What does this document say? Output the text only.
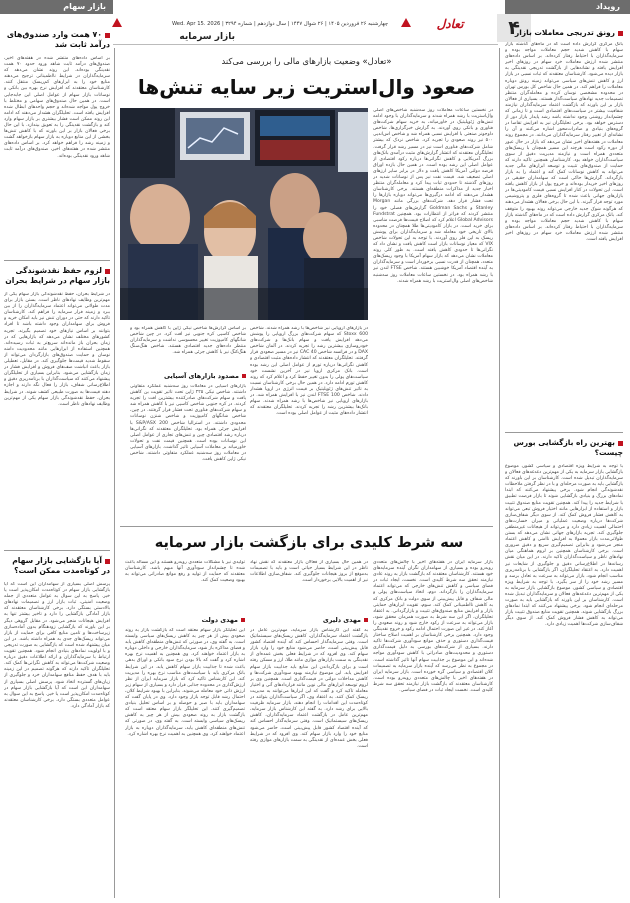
بازار سهام	رویداد
۴
تعادل
چهارشنبه ۲۶ فروردین ۱۴۰۵ | ۲۶ شوال ۱۴۴۷ | سال دوازدهم | شماره ۳۲۹۴ | Wed. Apr 15. 2026
بازار سرمایه	رونق تدریجی معاملات بازار
بانک مرکزی گزارش داده است که در ماه‌های گذشته بازار سهام با کاهش شدید حجم معاملات مواجه بوده و سرمایه‌گذاران با احتیاط رفتار کرده‌اند. بر اساس داده‌های منتشر شده ارزش معاملات خرد سهام در روزهای اخیر افزایش یافته و نشانه‌هایی از بازگشت تدریجی نقدینگی به بازار دیده می‌شود. کارشناسان معتقدند که ثبات نسبی در بازار ارز و کاهش تنش‌های سیاسی می‌تواند زمینه رونق دوباره معاملات را فراهم کند. در همین حال شاخص کل بورس تهران در محدوده مشخصی نوسان کرده و معامله‌گران منتظر تصمیمات جدید نهادهای سیاست‌گذار هستند. بسیاری از فعالان بازار بر این باورند که بازگشت اعتماد سرمایه‌گذاران نیازمند شفافیت بیشتر در سیاست‌های اقتصادی است و تا زمانی که چشم‌انداز روشنی وجود نداشته باشد رشد پایدار بازار دور از دسترس خواهد بود. برخی تحلیلگران نیز به افزایش تقاضا در گروه‌های بنیادی و صادرات‌محور اشاره می‌کنند و آن را نشانه‌ای از تغییر رفتار سرمایه‌گذاران می‌دانند. در مجموع روند معاملات در هفته‌های اخیر نشان می‌دهد که بازار در حال عبور از دوره رکود است هرچند این مسیر همچنان با ریسک‌های متعددی همراه است و نیازمند مدیریت دقیق از سوی سیاست‌گذاران خواهد بود. کارشناسان همچنین تاکید دارند که حمایت از صندوق‌های تثبیت و توسعه ابزارهای مالی جدید می‌تواند به کاهش نوسانات کمک کند و اعتماد را به بازار بازگرداند. گزارش‌ها حاکی است که سهامداران حقیقی در روزهای اخیر خریدار بوده‌اند و خروج پول از بازار کاهش یافته است. این تحولات در کنار افزایش نسبی قیمت کامودیتی‌ها در بازارهای جهانی باعث شده تا گروه‌های فلزی و پتروشیمی مورد توجه قرار گیرند. با این حال برخی فعالان هشدار می‌دهند که هرگونه شوک جدید خارجی می‌تواند روند بهبود را متوقف کند. بانک مرکزی گزارش داده است که در ماه‌های گذشته بازار سهام با کاهش شدید حجم معاملات مواجه بوده و سرمایه‌گذاران با احتیاط رفتار کرده‌اند. بر اساس داده‌های منتشر شده ارزش معاملات خرد سهام در روزهای اخیر افزایش یافته است.
بهترین راه بازگشایی بورس چیست؟
با توجه به شرایط ویژه اقتصادی و سیاسی کشور، موضوع بازگشایی بازار سرمایه به یکی از مهم‌ترین دغدغه‌های فعالان و سرمایه‌گذاران تبدیل شده است. کارشناسان بر این باورند که بازگشایی باید به صورت مرحله‌ای و با در نظر گرفتن ملاحظات نقدشوندگی انجام شود. برخی پیشنهاد می‌کنند که ابتدا نمادهای بزرگ و بنیادی بازگشایی شوند تا بازار فرصت تطبیق با شرایط جدید را پیدا کند. همچنین تقویت منابع صندوق تثبیت بازار و استفاده از ابزارهایی مانند اختیار فروش تبعی می‌تواند به کاهش فشار فروش کمک کند. از سوی دیگر شفاف‌سازی شرکت‌ها درباره وضعیت عملیاتی و میزان خسارت‌های احتمالی اهمیت زیادی دارد و می‌تواند از هیجانات غیرمنطقی جلوگیری کند. تجربه بازارهای جهانی نشان می‌دهد که بستن طولانی‌مدت بازار معمولا به افزایش ناامنی و کاهش اعتماد منجر می‌شود و بنابراین تصمیم‌گیری سریع و دقیق ضروری است. برخی کارشناسان همچنین بر لزوم هماهنگی میان نهادهای ناظر و سیاست‌گذاران تاکید دارند. در این میان نقش رسانه‌ها در اطلاع‌رسانی دقیق و جلوگیری از شایعات نیز اهمیت دارد. به اعتقاد تحلیلگران، اگر بازگشایی با برنامه‌ریزی مناسب انجام شود، بازار می‌تواند به سرعت به تعادل برسد و مسیر رشد خود را از سر بگیرد. با توجه به شرایط ویژه اقتصادی و سیاسی کشور، موضوع بازگشایی بازار سرمایه به یکی از مهم‌ترین دغدغه‌های فعالان و سرمایه‌گذاران تبدیل شده است. کارشناسان بر این باورند که بازگشایی باید به صورت مرحله‌ای انجام شود. برخی پیشنهاد می‌کنند که ابتدا نمادهای بزرگ بازگشایی شوند. همچنین تقویت منابع صندوق تثبیت بازار می‌تواند به کاهش فشار فروش کمک کند. از سوی دیگر شفاف‌سازی شرکت‌ها اهمیت زیادی دارد.
۷۰ همت وارد صندوق‌های درآمد ثابت شد
بر اساس داده‌های منتشر شده در هفته‌های اخیر، صندوق‌های درآمد ثابت شاهد ورود حدود ۷۰ همت نقدینگی بوده‌اند. این روند نشان می‌دهد که سرمایه‌گذاران در شرایط نااطمینانی ترجیح می‌دهند منابع خود را به ابزارهای کم‌ریسک منتقل کنند. کارشناسان معتقدند که افزایش نرخ بهره بین بانکی و نوسانات بازار سهام از عوامل اصلی این جابه‌جایی است. در همین حال صندوق‌های سهامی و مختلط با خروج پول مواجه شده‌اند و حجم واحدهای ابطال شده افزایش یافته است. تحلیلگران هشدار می‌دهند که ادامه این روند ممکن است فشار بیشتری بر بازار سهام وارد کند و بازگشت نقدینگی را به تعویق بیندازد. با این حال برخی فعالان بازار بر این باورند که با کاهش تنش‌ها بخشی از این منابع دوباره به بازار سهام بازخواهد گشت و زمینه رشد را فراهم خواهد کرد. بر اساس داده‌های منتشر شده در هفته‌های اخیر، صندوق‌های درآمد ثابت شاهد ورود نقدینگی بوده‌اند.
لزوم حفظ نقدشوندگی بازار سهام در شرایط بحران
در شرایط بحران، حفظ نقدشوندگی بازار سهام یکی از مهم‌ترین وظایف نهادهای ناظر است. بستن بازار برای مدت طولانی می‌تواند اعتماد سرمایه‌گذاران را از بین ببرد و زمینه فرار سرمایه را فراهم کند. کارشناسان تاکید دارند که حتی در دوران تنش نیز باید امکان خرید و فروش برای سهامداران وجود داشته باشد تا افراد بتوانند بر اساس نیازهای خود تصمیم بگیرند. تجربه کشورهای مختلف نشان می‌دهد که بازارهایی که در زمان بحران باز مانده‌اند سریع‌تر به ثبات رسیده‌اند. همچنین استفاده از ابزارهایی مانند محدودیت دامنه نوسان و حمایت صندوق‌های بازارگردان می‌تواند از سقوط شدید قیمت‌ها جلوگیری کند. در مقابل، تعطیلی بازار باعث انباشت صف‌های فروش و افزایش فشار در زمان بازگشایی می‌شود. بنابراین بسیاری از تحلیلگران پیشنهاد می‌کنند که سیاست‌گذاران با برنامه‌ریزی دقیق و اطلاع‌رسانی شفاف، بازار را فعال نگه دارند و اجازه دهند قیمت‌ها به صورت طبیعی کشف شوند. در شرایط بحران، حفظ نقدشوندگی بازار سهام یکی از مهم‌ترین وظایف نهادهای ناظر است.
آیا بازگشایی بازار سهام در کوتاه‌مدت ممکن است؟
پرسش اصلی بسیاری از سهامداران این است که آیا بازگشایی بازار سهام در کوتاه‌مدت امکان‌پذیر است یا خیر. پاسخ به این سوال به عوامل متعددی از جمله وضعیت امنیتی، ثبات بازار ارز و تصمیمات نهادهای بالادستی بستگی دارد. برخی کارشناسان معتقدند که بازار آمادگی بازگشایی را دارد و تاخیر بیشتر تنها به افزایش هیجانات منجر می‌شود. در مقابل گروهی دیگر بر این باورند که بازگشایی زودهنگام بدون آماده‌سازی زیرساخت‌ها و تامین منابع کافی برای حمایت از بازار می‌تواند ریسک‌های جدی به همراه داشته باشد. در این میان پیشنهاد شده است که بازگشایی به صورت تدریجی و با اولویت نمادهای بنیادی انجام شود. همچنین تقویت ارتباط با سرمایه‌گذاران و ارائه اطلاعات دقیق درباره وضعیت شرکت‌ها می‌تواند به کاهش نگرانی‌ها کمک کند. تحلیلگران تاکید دارند که هرگونه تصمیم در این زمینه باید با هدف حفظ منافع سهامداران خرد و جلوگیری از زیان‌های گسترده اتخاذ شود. پرسش اصلی بسیاری از سهامداران این است که آیا بازگشایی بازار سهام در کوتاه‌مدت امکان‌پذیر است یا خیر. پاسخ به این سوال به عوامل متعددی بستگی دارد. برخی کارشناسان معتقدند که بازار آمادگی دارد.
«تعادل» وضعیت بازارهای مالی را بررسی می‌کند
صعود وال‌استریت زیر سایه تنش‌ها
در نخستین ساعات معاملات روز سه‌شنبه شاخص‌های اصلی وال‌استریت با رشد همراه شدند و سرمایه‌گذاران با وجود ادامه تنش‌های ژئوپلیتیک در خاورمیانه، به خرید سهام شرکت‌های فناوری و بانکی روی آوردند. به گزارش خبرگزاری‌ها، شاخص داوجونز صنعتی با افزایش نسبی همراه شد و شاخص اس‌اندپی ۵۰۰ نیز روند صعودی را تجربه کرد. شاخص نزدک که بیشتر شامل شرکت‌های فناوری است نیز در مسیر رشد قرار گرفت. تحلیلگران معتقدند که انتشار گزارش‌های مثبت درآمدی بانک‌های بزرگ آمریکایی و کاهش نگرانی‌ها درباره رکود اقتصادی از عوامل اصلی این رشد بوده است. در همین حال بازده اوراق قرضه دولتی آمریکا کاهش یافت و دلار در برابر سایر ارزهای اصلی تضعیف شد. قیمت نفت نیز پس از نوسانات شدید در روزهای گذشته تا حدودی ثبات پیدا کرد و معامله‌گران منتظر اخبار جدید از مذاکرات منطقه‌ای هستند. برخی کارشناسان هشدار می‌دهند که ادامه درگیری‌ها می‌تواند دوباره بازارها را تحت فشار قرار دهد. شرکت‌های بزرگی مانند Morgan Stanley و Goldman Sachs گزارش‌های فصلی خود را منتشر کردند که فراتر از انتظارات بود. همچنین Fundstrat Global Advisors اعلام کرد که اصلاح قیمت‌ها فرصت مناسبی برای خرید است. در بازار کامودیتی‌ها طلا همچنان در محدوده بالای تاریخی خود معامله شد و سرمایه‌گذاران برای پوشش ریسک به این فلز روی آوردند. با توجه به این تحولات شاخص VIX که معیار نوسانات بازار است کاهش یافت و نشان داد که نگرانی‌ها تا حدودی کاهش یافته است. به طور کلی روند معاملات نشان می‌دهد که بازار سهام آمریکا با وجود ریسک‌های متعدد، همچنان از قدرت نسبی برخوردار است و سرمایه‌گذاران به آینده اقتصاد آمریکا خوشبین هستند. شاخص FTSE لندن نیز با رشد همراه بود. در نخستین ساعات معاملات روز سه‌شنبه شاخص‌های اصلی وال‌استریت با رشد همراه شدند.
در بازارهای اروپایی نیز شاخص‌ها با رشد همراه شدند. شاخص Stoxx 600 که سهام شرکت‌های بزرگ اروپایی را پوشش می‌دهد افزایش یافت و سهام بانک‌ها و شرکت‌های خودروسازی بیشترین رشد را تجربه کردند. در آلمان شاخص DAX و در فرانسه شاخص CAC 40 نیز در مسیر صعودی قرار گرفتند. تحلیلگران معتقدند که انتشار داده‌های مثبت اقتصادی و کاهش نگرانی‌ها درباره تورم از عوامل اصلی این رشد بوده است. بانک مرکزی اروپا نیز در آخرین نشست خود سیاست‌های پولی را بدون تغییر حفظ کرد و اعلام کرد که روند کاهش تورم ادامه دارد. در همین حال برخی کارشناسان نسبت به تاثیر تنش‌های ژئوپلیتیک بر قیمت انرژی در اروپا هشدار دادند. شاخص FTSE 100 لندن نیز با افزایش همراه شد. در بازارهای اروپایی نیز شاخص‌ها با رشد همراه شدند. سهام بانک‌ها بیشترین رشد را تجربه کردند. تحلیلگران معتقدند که انتشار داده‌های مثبت از عوامل اصلی بوده است.
مصدود بازارهای آسیایی
بر اساس گزارش‌ها شاخص نیکی ژاپن با کاهش همراه بود و شاخص کاسپی کره جنوبی نیز افت کرد. در چین شاخص شانگهای کامپوزیت تغییر محسوسی نداشت و سرمایه‌گذاران منتظر داده‌های جدید اقتصادی هستند. شاخص هنگ‌سنگ هنگ‌کنگ نیز با کاهش جزئی همراه شد.
بازارهای آسیایی در معاملات روز سه‌شنبه عملکرد متفاوتی داشتند. شاخص نیکی ۲۲۵ ژاپن تحت تاثیر تقویت ین کاهش یافت و سهام شرکت‌های صادرکننده بیشترین افت را تجربه کردند. در کره جنوبی شاخص کاسپی نیز با کاهش همراه شد و سهام شرکت‌های فناوری تحت فشار قرار گرفتند. در چین، شاخص شانگهای کامپوزیت و شاخص شنژن نوسانات محدودی داشتند. در استرالیا شاخص S&P/ASX 200 با افزایش جزئی همراه بود. تحلیلگران معتقدند که نگرانی‌ها درباره رشد اقتصادی چین و تنش‌های تجاری از عوامل اصلی این نوسانات بوده است. همچنین قیمت نفت و تحولات خاورمیانه بر معاملات آسیایی تاثیر گذاشت. بازارهای آسیایی در معاملات روز سه‌شنبه عملکرد متفاوتی داشتند. شاخص نیکی ژاپن کاهش یافت.
سه شرط کلیدی برای بازگشت بازار سرمایه
بازار سرمایه ایران در هفته‌های اخیر با چالش‌های متعددی روبه‌رو بوده و بسیاری از سهامداران نگران آینده سرمایه‌های خود هستند. کارشناسان معتقدند که بازگشت بازار به روند عادی نیازمند تحقق سه شرط کلیدی است. نخست، ایجاد ثبات در فضای سیاسی و کاهش تنش‌های خارجی که می‌تواند اعتماد سرمایه‌گذاران را بازگرداند. دوم، اتخاذ سیاست‌های پولی و مالی شفاف و قابل پیش‌بینی از سوی دولت و بانک مرکزی که به کاهش نااطمینانی کمک کند. سوم، تقویت ابزارهای حمایتی بازار و افزایش منابع صندوق‌های تثبیت و بازارگردانی. به اعتقاد تحلیلگران، اگر این سه شرط به صورت همزمان محقق شود، بازار می‌تواند به سرعت از رکود خارج شود و روند صعودی را آغاز کند. در غیر این صورت احتمال ادامه رکود و خروج نقدینگی وجود دارد. همچنین برخی کارشناسان بر اهمیت اصلاح ساختار قیمت‌گذاری دستوری و حذف موانع سودآوری شرکت‌ها تاکید دارند. بسیاری از شرکت‌های بورسی به دلیل قیمت‌گذاری دستوری و محدودیت‌های صادراتی با کاهش سودآوری مواجه شده‌اند و این موضوع بر جذابیت سهام آنها تاثیر گذاشته است. در مجموع به نظر می‌رسد که آینده بازار سرمایه به تصمیمات کلان اقتصادی و سیاسی گره خورده است. بازار سرمایه ایران در هفته‌های اخیر با چالش‌های متعددی روبه‌رو بوده است. کارشناسان معتقدند که بازگشت بازار نیازمند تحقق سه شرط کلیدی است. نخست ایجاد ثبات در فضای سیاسی.
در همین حال بسیاری از فعالان بازار معتقدند که نقش نهاد ناظر در این شرایط بسیار حیاتی است و باید با تصمیمات به‌موقع از بروز هیجانات جلوگیری کند. شفاف‌سازی اطلاعات نیز از اهمیت بالایی برخوردار است.
مهدی دلیری
به گفته این کارشناس بازار سرمایه، مهم‌ترین عامل در بازگشت اعتماد سرمایه‌گذاران، کاهش ریسک‌های سیستماتیک است. وقتی سرمایه‌گذار احساس کند که آینده اقتصاد کشور قابل پیش‌بینی است، حاضر می‌شود منابع خود را وارد بازار سهام کند. وی افزود که در شرایط فعلی بخش عمده‌ای از نقدینگی به سمت بازارهای موازی مانند طلا، ارز و مسکن رفته است و برای بازگرداندن این منابع باید جذابیت بازار سهام افزایش یابد. این موضوع نیازمند بهبود سودآوری شرکت‌ها و کاهش مداخلات دولتی در قیمت‌گذاری است. همچنین وی بر لزوم توسعه ابزارهای مالی نوین مانند قراردادهای آتی و اختیار معامله تاکید کرد و گفت که این ابزارها می‌توانند به مدیریت ریسک کمک کنند. به اعتقاد وی، اگر سیاست‌گذاران بتوانند در کوتاه‌مدت این اقدامات را انجام دهند، بازار سرمایه ظرفیت بالایی برای رشد دارد. به گفته این کارشناس بازار سرمایه، مهم‌ترین عامل در بازگشت اعتماد سرمایه‌گذاران، کاهش ریسک‌های سیستماتیک است. وقتی سرمایه‌گذار احساس کند که آینده اقتصاد کشور قابل پیش‌بینی است، حاضر می‌شود منابع خود را وارد بازار سهام کند. وی افزود که در شرایط فعلی بخش عمده‌ای از نقدینگی به سمت بازارهای موازی رفته است.
تولیدی نیز با مشکلات متعددی روبه‌رو هستند و این مساله باعث شده تا چشم‌انداز سودآوری آنها مبهم باشد. کارشناسان معتقدند که حمایت از تولید و رفع موانع صادراتی می‌تواند به بهبود وضعیت کمک کند.
مهدی دولت
این تحلیلگر بازار سهام معتقد است که بازگشت بازار به روند صعودی بیش از هر چیز به کاهش ریسک‌های سیاسی وابسته است. به گفته وی، در صورتی که تنش‌های منطقه‌ای کاهش یابد و فضای مذاکره باز شود، سرمایه‌گذاران خارجی و داخلی دوباره به بازار اعتماد خواهند کرد. وی همچنین به اهمیت نرخ بهره اشاره کرد و گفت که بالا بودن نرخ سود بانکی و اوراق بدهی باعث شده تا جذابیت بازار سهام کاهش یابد. در این شرایط بانک مرکزی باید با سیاست‌های مناسب نرخ بهره را مدیریت کند. این کارشناس تاکید کرد که بازار سرمایه ایران از نظر ارزش‌گذاری در محدوده جذابی قرار دارد و بسیاری از سهام زیر ارزش ذاتی خود معامله می‌شوند. بنابراین با بهبود شرایط کلان، احتمال رشد قابل توجه بازار وجود دارد. وی در پایان گفت که سهامداران باید با صبر و حوصله و بر اساس تحلیل بنیادی تصمیم‌گیری کنند. این تحلیلگر بازار سهام معتقد است که بازگشت بازار به روند صعودی بیش از هر چیز به کاهش ریسک‌های سیاسی وابسته است. به گفته وی، در صورتی که تنش‌های منطقه‌ای کاهش یابد، سرمایه‌گذاران دوباره به بازار اعتماد خواهند کرد. وی همچنین به اهمیت نرخ بهره اشاره کرد.
